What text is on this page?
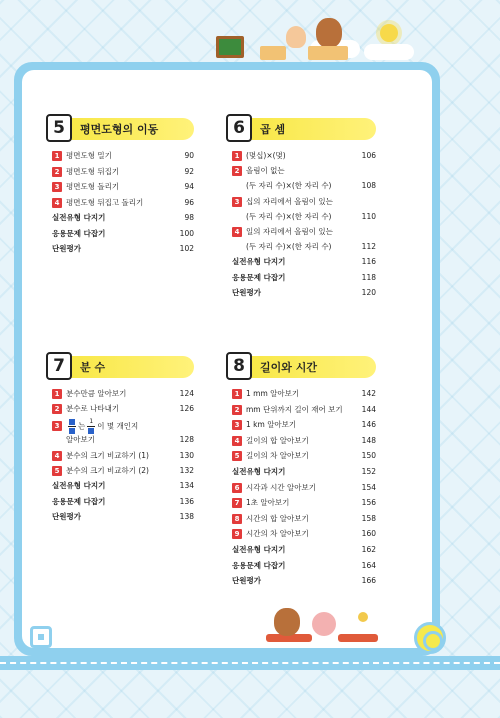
5	평면도형의 이동
1 평면도형 밀기	90
2 평면도형 뒤집기	92
3 평면도형 돌리기	94
4 평면도형 뒤집고 돌리기	96
실전유형 다지기	98
응용문제 다잡기	100
단원평가	102
6	곱 셈
1 (몇십)×(몇)	106
2 올림이 없는
(두 자리 수)×(한 자리 수)	108
3 십의 자리에서 올림이 있는
(두 자리 수)×(한 자리 수)	110
4 일의 자리에서 올림이 있는
(두 자리 수)×(한 자리 수)	112
실전유형 다지기	116
응용문제 다잡기	118
단원평가	120
7	분 수
1 분수만큼 알아보기	124
2 분수로 나타내기	126
3 는 1 이 몇 개인지
알아보기	128
4 분수의 크기 비교하기 (1)	130
5 분수의 크기 비교하기 (2)	132
실전유형 다지기	134
응용문제 다잡기	136
단원평가	138
8	길이와 시간
1 1 mm 알아보기	142
2 mm 단위까지 길이 재어 보기	144
3 1 km 알아보기	146
4 길이의 합 알아보기	148
5 길이의 차 알아보기	150
실전유형 다지기	152
6 시각과 시간 알아보기	154
7 1초 알아보기	156
8 시간의 합 알아보기	158
9 시간의 차 알아보기	160
실전유형 다지기	162
응용문제 다잡기	164
단원평가	166
